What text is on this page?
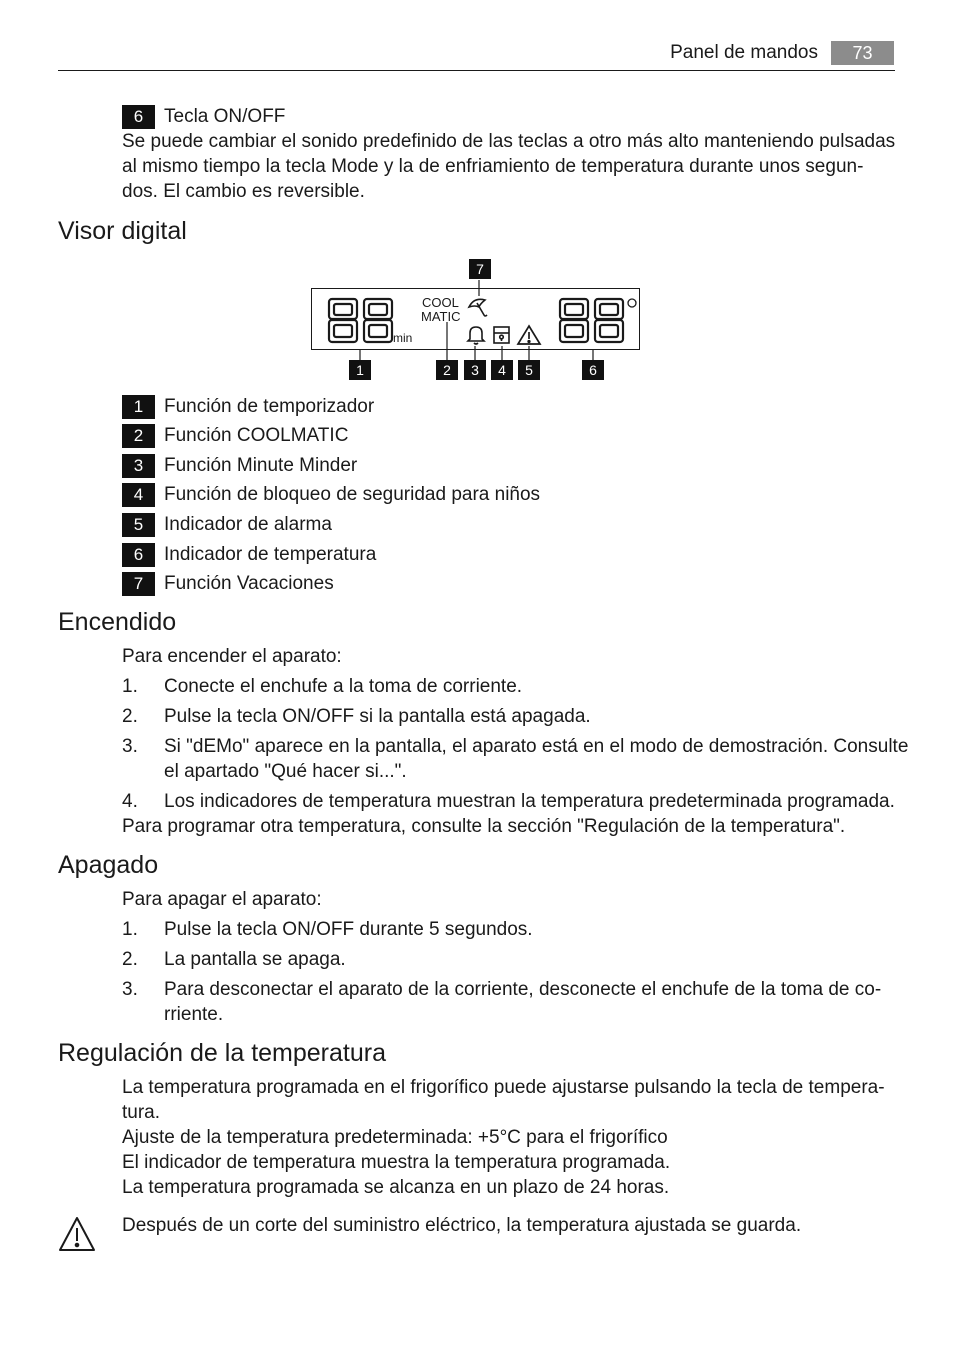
Panel de mandos	73
6	Tecla ON/OFF
Se puede cambiar el sonido predefinido de las teclas a otro más alto manteniendo pulsadas
al mismo tiempo la tecla Mode y la de enfriamiento de temperatura durante unos segun-
dos. El cambio es reversible.
Visor digital
min
COOL
MATIC
7
1	2	3	4	5	6
1	Función de temporizador
2	Función COOLMATIC
3	Función Minute Minder
4	Función de bloqueo de seguridad para niños
5	Indicador de alarma
6	Indicador de temperatura
7	Función Vacaciones
Encendido
Para encender el aparato:
1. Conecte el enchufe a la toma de corriente.
2. Pulse la tecla ON/OFF si la pantalla está apagada.
3. Si "dEMo" aparece en la pantalla, el aparato está en el modo de demostración. Consulte
el apartado "Qué hacer si...".
4. Los indicadores de temperatura muestran la temperatura predeterminada programada.
Para programar otra temperatura, consulte la sección "Regulación de la temperatura".
Apagado
Para apagar el aparato:
1. Pulse la tecla ON/OFF durante 5 segundos.
2. La pantalla se apaga.
3. Para desconectar el aparato de la corriente, desconecte el enchufe de la toma de co-
rriente.
Regulación de la temperatura
La temperatura programada en el frigorífico puede ajustarse pulsando la tecla de tempera-
tura.
Ajuste de la temperatura predeterminada: +5°C para el frigorífico
El indicador de temperatura muestra la temperatura programada.
La temperatura programada se alcanza en un plazo de 24 horas.
Después de un corte del suministro eléctrico, la temperatura ajustada se guarda.
